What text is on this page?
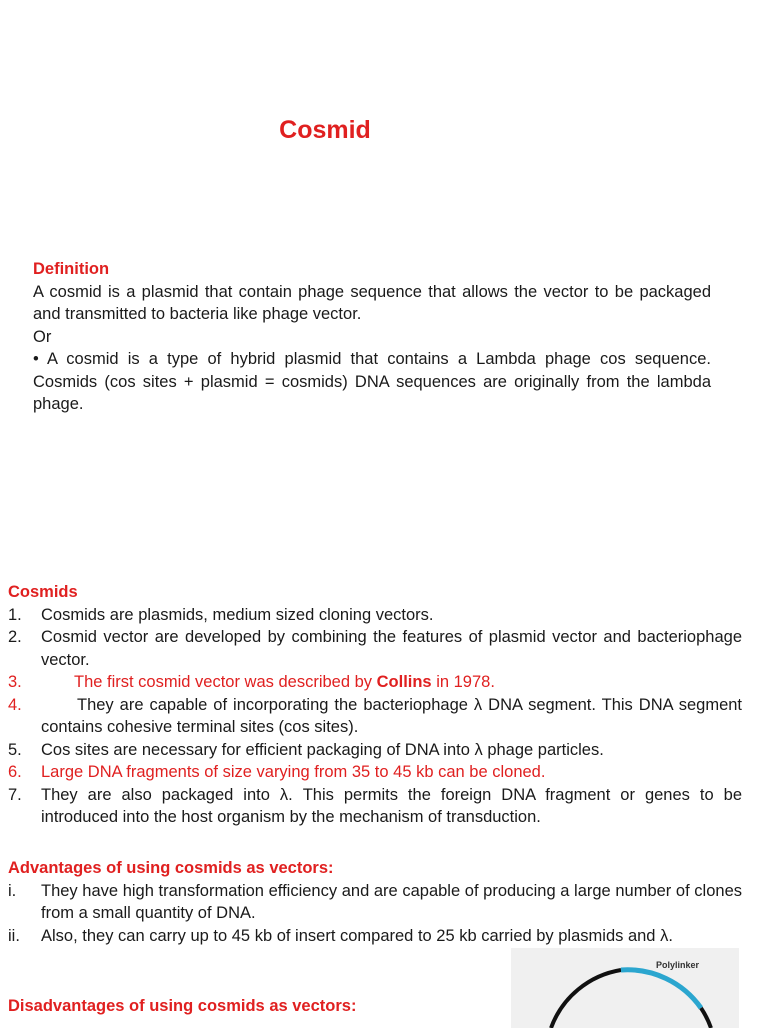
Cosmid
Definition
A cosmid is a plasmid that contain phage sequence that allows the vector to be packaged and transmitted to bacteria like phage vector.
Or
• A cosmid is a type of hybrid plasmid that contains a Lambda phage cos sequence. Cosmids (cos sites + plasmid = cosmids) DNA sequences are originally from the lambda phage.
Cosmids
1. Cosmids are plasmids, medium sized cloning vectors.
2. Cosmid vector are developed by combining the features of plasmid vector and bacteriophage vector.
3.	The first cosmid vector was described by Collins in 1978.
4.	They are capable of incorporating the bacteriophage λ DNA segment. This DNA segment contains cohesive terminal sites (cos sites).
5. Cos sites are necessary for efficient packaging of DNA into λ phage particles.
6. Large DNA fragments of size varying from 35 to 45 kb can be cloned.
7. They are also packaged into λ. This permits the foreign DNA fragment or genes to be introduced into the host organism by the mechanism of transduction.
Advantages of using cosmids as vectors:
i. They have high transformation efficiency and are capable of producing a large number of clones from a small quantity of DNA.
ii. Also, they can carry up to 45 kb of insert compared to 25 kb carried by plasmids and λ.
Disadvantages of using cosmids as vectors:
Polylinker
